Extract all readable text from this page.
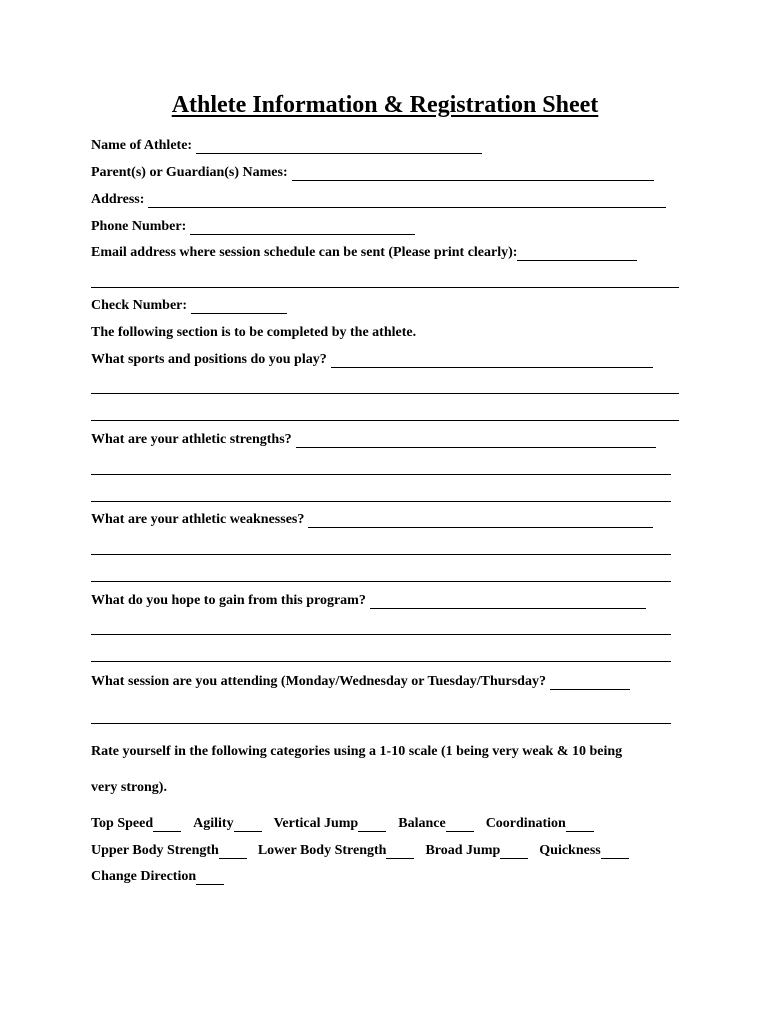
Athlete Information & Registration Sheet
Name of Athlete:
Parent(s) or Guardian(s) Names:
Address:
Phone Number:
Email address where session schedule can be sent (Please print clearly):
Check Number:
The following section is to be completed by the athlete.
What sports and positions do you play?
What are your athletic strengths?
What are your athletic weaknesses?
What do you hope to gain from this program?
What session are you attending (Monday/Wednesday or Tuesday/Thursday?
Rate yourself in the following categories using a 1-10 scale (1 being very weak & 10 being
very strong).
Top Speed	Agility	Vertical Jump	Balance	Coordination
Upper Body Strength	Lower Body Strength	Broad Jump	Quickness
Change Direction
